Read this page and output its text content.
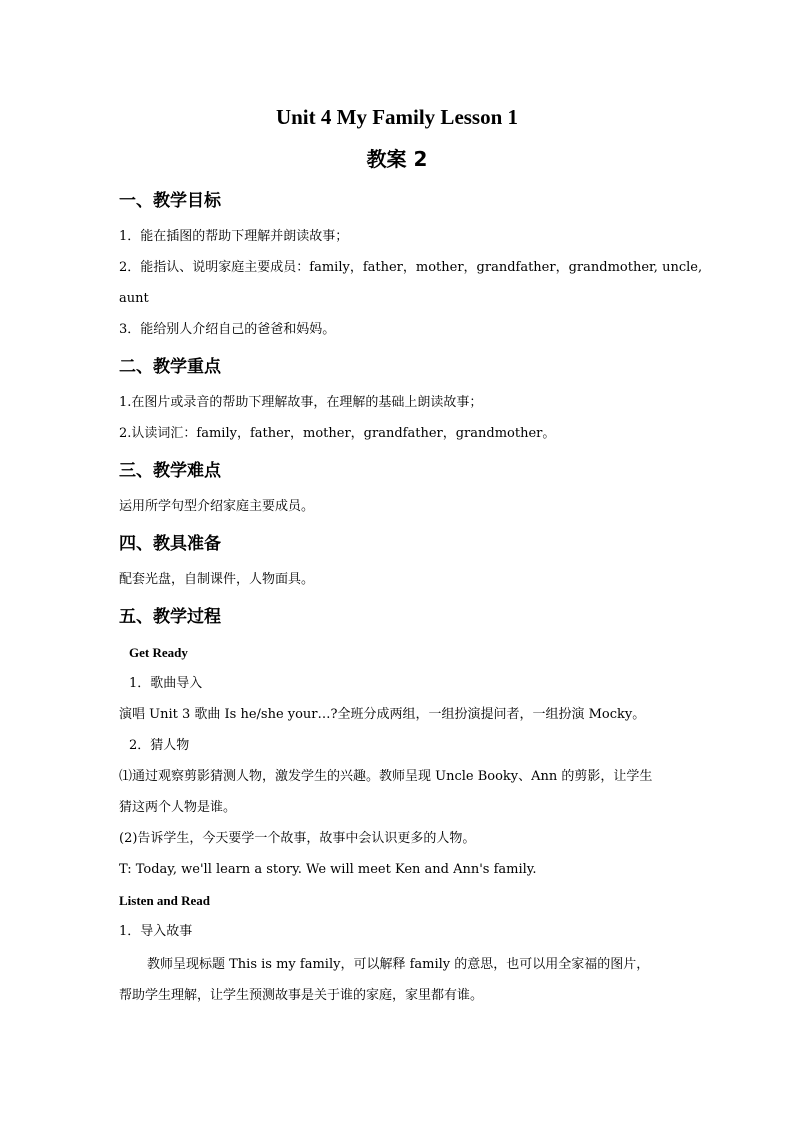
Unit 4 My Family Lesson 1
教案 2
一、教学目标
1．能在插图的帮助下理解并朗读故事；
2．能指认、说明家庭主要成员：family，father，mother，grandfather，grandmother, uncle,
aunt
3．能给别人介绍自己的爸爸和妈妈。
二、教学重点
1.在图片或录音的帮助下理解故事，在理解的基础上朗读故事；
2.认读词汇：family，father，mother，grandfather，grandmother。
三、教学难点
运用所学句型介绍家庭主要成员。
四、教具准备
配套光盘，自制课件，人物面具。
五、教学过程
Get Ready
1．歌曲导入
演唱 Unit 3 歌曲 Is he/she your…?全班分成两组，一组扮演提问者，一组扮演 Mocky。
2．猜人物
⑴通过观察剪影猜测人物，激发学生的兴趣。教师呈现 Uncle Booky、Ann 的剪影，让学生
猜这两个人物是谁。
(2)告诉学生，今天要学一个故事，故事中会认识更多的人物。
T: Today, we'll learn a story. We will meet Ken and Ann's family.
Listen and Read
1．导入故事
教师呈现标题 This is my family，可以解释 family 的意思，也可以用全家福的图片，
帮助学生理解，让学生预测故事是关于谁的家庭，家里都有谁。
